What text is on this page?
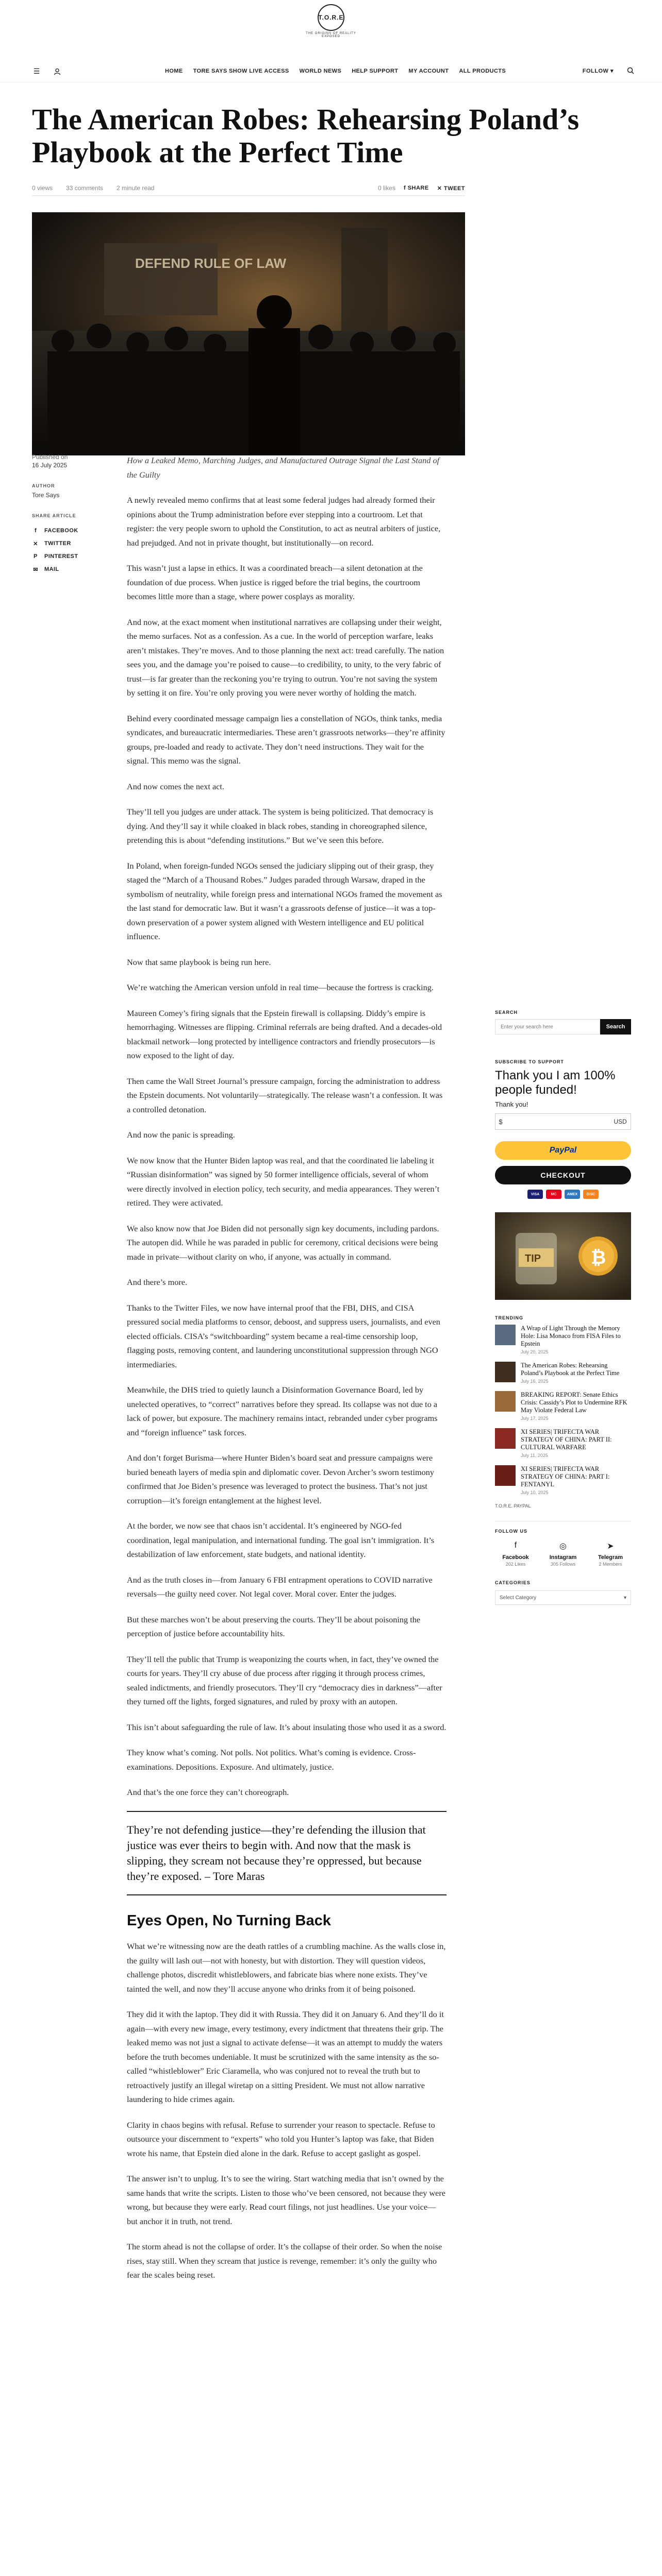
T.O.R.E
THE ORIGINS OF REALITY EXPOSED
☰	HOME TORE SAYS SHOW LIVE ACCESS WORLD NEWS HELP SUPPORT MY ACCOUNT ALL PRODUCTS	FOLLOW ▾
The American Robes: Rehearsing Poland’s Playbook at the Perfect Time
0 views 33 comments 2 minute read	0 likes f SHARE ✕ TWEET
DEFEND RULE OF LAW
Published on
16 July 2025
AUTHOR
Tore Says
SHARE ARTICLE
f	FACEBOOK
✕ TWITTER
P PINTEREST
✉ MAIL

How a Leaked Memo, Marching Judges, and Manufactured Outrage Signal the Last Stand of the Guilty

A newly revealed memo confirms that at least some federal judges had already formed their opinions about the Trump administration before ever stepping into a courtroom. Let that register: the very people sworn to uphold the Constitution, to act as neutral arbiters of justice, had prejudged. And not in private thought, but institutionally—on record.

This wasn’t just a lapse in ethics. It was a coordinated breach—a silent detonation at the foundation of due process. When justice is rigged before the trial begins, the courtroom becomes little more than a stage, where power cosplays as morality.

And now, at the exact moment when institutional narratives are collapsing under their weight, the memo surfaces. Not as a confession. As a cue. In the world of perception warfare, leaks aren’t mistakes. They’re moves. And to those planning the next act: tread carefully. The nation sees you, and the damage you’re poised to cause—to credibility, to unity, to the very fabric of trust—is far greater than the reckoning you’re trying to outrun. You’re not saving the system by setting it on fire. You’re only proving you were never worthy of holding the match.

Behind every coordinated message campaign lies a constellation of NGOs, think tanks, media syndicates, and bureaucratic intermediaries. These aren’t grassroots networks—they’re affinity groups, pre-loaded and ready to activate. They don’t need instructions. They wait for the signal. This memo was the signal.

And now comes the next act.

They’ll tell you judges are under attack. The system is being politicized. That democracy is dying. And they’ll say it while cloaked in black robes, standing in choreographed silence, pretending this is about “defending institutions.” But we’ve seen this before.

In Poland, when foreign-funded NGOs sensed the judiciary slipping out of their grasp, they staged the “March of a Thousand Robes.” Judges paraded through Warsaw, draped in the symbolism of neutrality, while foreign press and international NGOs framed the movement as the last stand for democratic law. But it wasn’t a grassroots defense of justice—it was a top-down preservation of a power system aligned with Western intelligence and EU political influence.

Now that same playbook is being run here.

We’re watching the American version unfold in real time—because the fortress is cracking.

Maureen Comey’s firing signals that the Epstein firewall is collapsing. Diddy’s empire is hemorrhaging. Witnesses are flipping. Criminal referrals are being drafted. And a decades-old blackmail network—long protected by intelligence contractors and friendly prosecutors—is now exposed to the light of day.

Then came the Wall Street Journal’s pressure campaign, forcing the administration to address the Epstein documents. Not voluntarily—strategically. The release wasn’t a confession. It was a controlled detonation.

And now the panic is spreading.

We now know that the Hunter Biden laptop was real, and that the coordinated lie labeling it “Russian disinformation” was signed by 50 former intelligence officials, several of whom were directly involved in election policy, tech security, and media appearances. They weren’t retired. They were activated.

We also know now that Joe Biden did not personally sign key documents, including pardons. The autopen did. While he was paraded in public for ceremony, critical decisions were being made in private—without clarity on who, if anyone, was actually in command.

And there’s more.

Thanks to the Twitter Files, we now have internal proof that the FBI, DHS, and CISA pressured social media platforms to censor, deboost, and suppress users, journalists, and even elected officials. CISA’s “switchboarding” system became a real-time censorship loop, flagging posts, removing content, and laundering unconstitutional suppression through NGO intermediaries.

Meanwhile, the DHS tried to quietly launch a Disinformation Governance Board, led by unelected operatives, to “correct” narratives before they spread. Its collapse was not due to a lack of power, but exposure. The machinery remains intact, rebranded under cyber programs and “foreign influence” task forces.

And don’t forget Burisma—where Hunter Biden’s board seat and pressure campaigns were buried beneath layers of media spin and diplomatic cover. Devon Archer’s sworn testimony confirmed that Joe Biden’s presence was leveraged to protect the business. That’s not just corruption—it’s foreign entanglement at the highest level.

At the border, we now see that chaos isn’t accidental. It’s engineered by NGO-fed coordination, legal manipulation, and international funding. The goal isn’t immigration. It’s destabilization of law enforcement, state budgets, and national identity.

And as the truth closes in—from January 6 FBI entrapment operations to COVID narrative reversals—the guilty need cover. Not legal cover. Moral cover. Enter the judges.

But these marches won’t be about preserving the courts. They’ll be about poisoning the perception of justice before accountability hits.

They’ll tell the public that Trump is weaponizing the courts when, in fact, they’ve owned the courts for years. They’ll cry abuse of due process after rigging it through process crimes, sealed indictments, and friendly prosecutors. They’ll cry “democracy dies in darkness”—after they turned off the lights, forged signatures, and ruled by proxy with an autopen.

This isn’t about safeguarding the rule of law. It’s about insulating those who used it as a sword.

They know what’s coming. Not polls. Not politics. What’s coming is evidence. Cross-examinations. Depositions. Exposure. And ultimately, justice.

And that’s the one force they can’t choreograph.

They’re not defending justice—they’re defending the illusion that justice was ever theirs to begin with. And now that the mask is slipping, they scream not because they’re oppressed, but because they’re exposed. – Tore Maras
Eyes Open, No Turning Back

What we’re witnessing now are the death rattles of a crumbling machine. As the walls close in, the guilty will lash out—not with honesty, but with distortion. They will question videos, challenge photos, discredit whistleblowers, and fabricate bias where none exists. They’ve tainted the well, and now they’ll accuse anyone who drinks from it of being poisoned.

They did it with the laptop. They did it with Russia. They did it on January 6. And they’ll do it again—with every new image, every testimony, every indictment that threatens their grip. The leaked memo was not just a signal to activate defense—it was an attempt to muddy the waters before the truth becomes undeniable. It must be scrutinized with the same intensity as the so-called “whistleblower” Eric Ciaramella, who was conjured not to reveal the truth but to retroactively justify an illegal wiretap on a sitting President. We must not allow narrative laundering to hide crimes again.

Clarity in chaos begins with refusal. Refuse to surrender your reason to spectacle. Refuse to outsource your discernment to “experts” who told you Hunter’s laptop was fake, that Biden wrote his name, that Epstein died alone in the dark. Refuse to accept gaslight as gospel.

The answer isn’t to unplug. It’s to see the wiring. Start watching media that isn’t owned by the same hands that write the scripts. Listen to those who’ve been censored, not because they were wrong, but because they were early. Read court filings, not just headlines. Use your voice—but anchor it in truth, not trend.

The storm ahead is not the collapse of order. It’s the collapse of their order. So when the noise rises, stay still. When they scream that justice is revenge, remember: it’s only the guilty who fear the scales being reset.

SEARCH
Enter your search here
Search
SUBSCRIBE TO SUPPORT
Thank you I am 100% people funded!
Thank you!
$	USD
PayPal
CHECKOUT
VISA	MC	AMEX	DISC
TIP	₿
TRENDING
A Wrap of Light Through the Memory Hole: Lisa Monaco from FISA Files to Epstein
July 20, 2025
The American Robes: Rehearsing Poland’s Playbook at the Perfect Time
July 16, 2025
BREAKING REPORT: Senate Ethics Crisis: Cassidy’s Plot to Undermine RFK May Violate Federal Law
July 17, 2025
XI SERIES| TRIFECTA WAR STRATEGY OF CHINA: PART II: CULTURAL WARFARE
July 11, 2025
XI SERIES| TRIFECTA WAR STRATEGY OF CHINA: PART I: FENTANYL
July 10, 2025
T.O.R.E. PAYPAL
FOLLOW US
f
Facebook
202 Likes
◎
Instagram
305 Follows
➤
Telegram
2 Members
CATEGORIES
Select Category	▾
